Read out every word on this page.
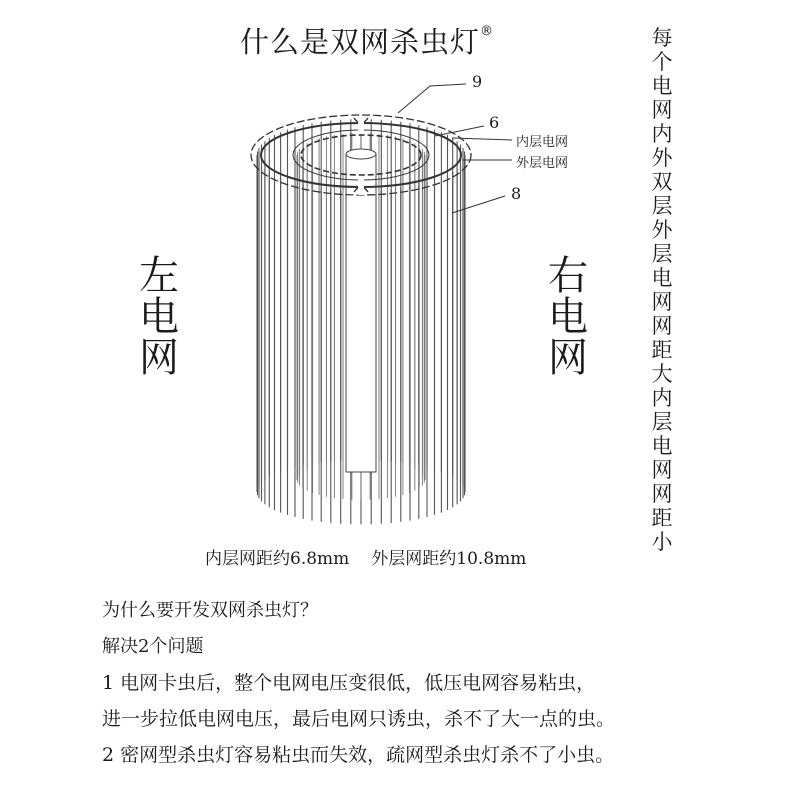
什么是双网杀虫灯®
左电网
右电网
每个电网内外双层　外层电网网距大　内层电网网距小
9
6
内层电网
外层电网
8
内层网距约6.8mm 外层网距约10.8mm
为什么要开发双网杀虫灯？
解决2个问题
1 电网卡虫后，整个电网电压变很低，低压电网容易粘虫，
进一步拉低电网电压，最后电网只诱虫，杀不了大一点的虫。
2 密网型杀虫灯容易粘虫而失效，疏网型杀虫灯杀不了小虫。
